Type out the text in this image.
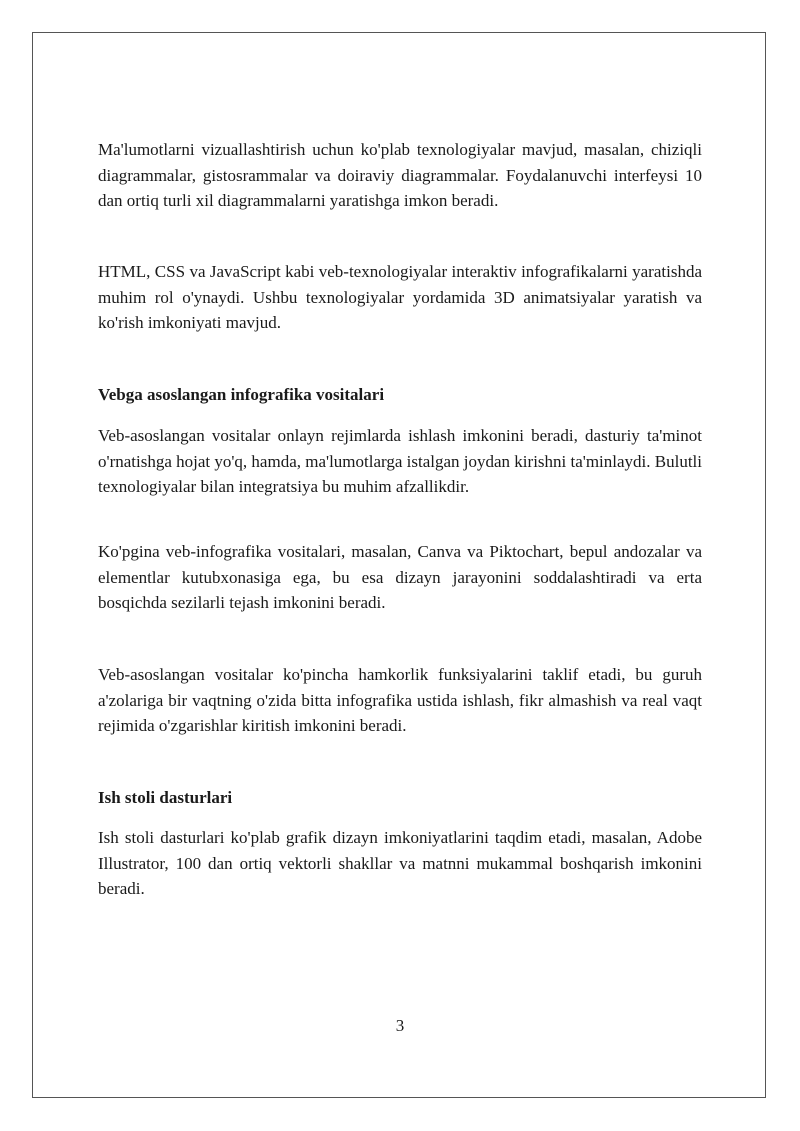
Ma'lumotlarni vizuallashtirish uchun ko'plab texnologiyalar mavjud, masalan, chiziqli diagrammalar, gistosrammalar va doiraviy diagrammalar. Foydalanuvchi interfeysi 10 dan ortiq turli xil diagrammalarni yaratishga imkon beradi.

HTML, CSS va JavaScript kabi veb-texnologiyalar interaktiv infografikalarni yaratishda muhim rol o'ynaydi. Ushbu texnologiyalar yordamida 3D animatsiyalar yaratish va ko'rish imkoniyati mavjud.

Vebga asoslangan infografika vositalari

Veb-asoslangan vositalar onlayn rejimlarda ishlash imkonini beradi, dasturiy ta'minot o'rnatishga hojat yo'q, hamda, ma'lumotlarga istalgan joydan kirishni ta'minlaydi. Bulutli texnologiyalar bilan integratsiya bu muhim afzallikdir.

Ko'pgina veb-infografika vositalari, masalan, Canva va Piktochart, bepul andozalar va elementlar kutubxonasiga ega, bu esa dizayn jarayonini soddalashtiradi va erta bosqichda sezilarli tejash imkonini beradi.

Veb-asoslangan vositalar ko'pincha hamkorlik funksiyalarini taklif etadi, bu guruh a'zolariga bir vaqtning o'zida bitta infografika ustida ishlash, fikr almashish va real vaqt rejimida o'zgarishlar kiritish imkonini beradi.

Ish stoli dasturlari

Ish stoli dasturlari ko'plab grafik dizayn imkoniyatlarini taqdim etadi, masalan, Adobe Illustrator, 100 dan ortiq vektorli shakllar va matnni mukammal boshqarish imkonini beradi.

3
